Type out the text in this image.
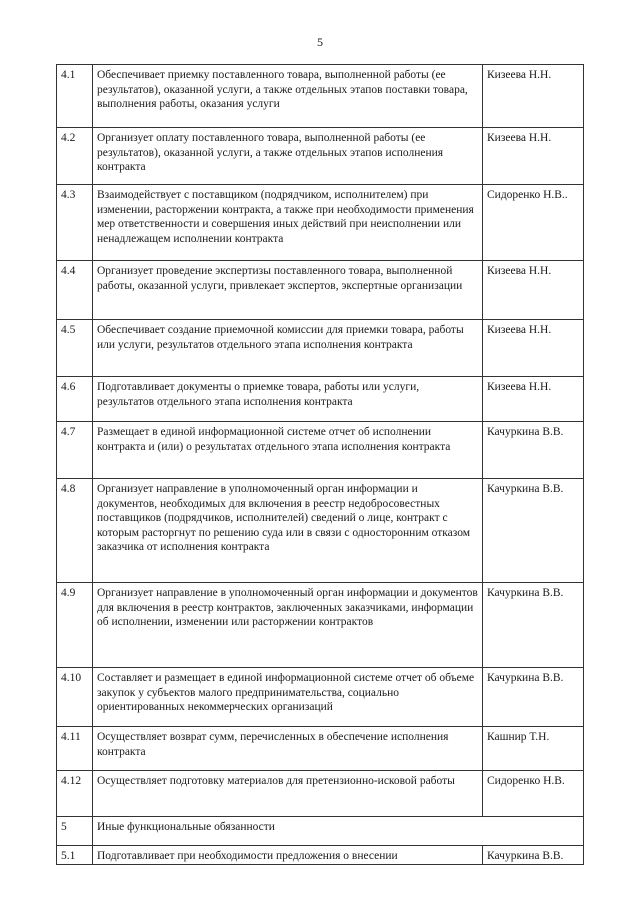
5
4.1	Обеспечивает приемку поставленного товара, выполненной работы (ее результатов), оказанной услуги, а также отдельных этапов поставки товара, выполнения работы, оказания услуги	Кизеева Н.Н.
4.2	Организует оплату поставленного товара, выполненной работы (ее результатов), оказанной услуги, а также отдельных этапов исполнения контракта	Кизеева Н.Н.
4.3	Взаимодействует с поставщиком (подрядчиком, исполнителем) при изменении, расторжении контракта, а также при необходимости применения мер ответственности и совершения иных действий при неисполнении или ненадлежащем исполнении контракта	Сидоренко Н.В..
4.4	Организует проведение экспертизы поставленного товара, выполненной работы, оказанной услуги, привлекает экспертов, экспертные организации	Кизеева Н.Н.
4.5	Обеспечивает создание приемочной комиссии для приемки товара, работы или услуги, результатов отдельного этапа исполнения контракта	Кизеева Н.Н.
4.6	Подготавливает документы о приемке товара, работы или услуги, результатов отдельного этапа исполнения контракта	Кизеева Н.Н.
4.7	Размещает в единой информационной системе отчет об исполнении контракта и (или) о результатах отдельного этапа исполнения контракта	Качуркина В.В.
4.8	Организует направление в уполномоченный орган информации и документов, необходимых для включения в реестр недобросовестных поставщиков (подрядчиков, исполнителей) сведений о лице, контракт с которым расторгнут по решению суда или в связи с односторонним отказом заказчика от исполнения контракта	Качуркина В.В.
4.9	Организует направление в уполномоченный орган информации и документов для включения в реестр контрактов, заключенных заказчиками, информации об исполнении, изменении или расторжении контрактов	Качуркина В.В.
4.10	Составляет и размещает в единой информационной системе отчет об объеме закупок у субъектов малого предпринимательства, социально ориентированных некоммерческих организаций	Качуркина В.В.
4.11	Осуществляет возврат сумм, перечисленных в обеспечение исполнения контракта	Кашнир Т.Н.
4.12	Осуществляет подготовку материалов для претензионно-исковой работы	Сидоренко Н.В.
5	Иные функциональные обязанности	
5.1	Подготавливает при необходимости предложения о внесении	Качуркина В.В.
